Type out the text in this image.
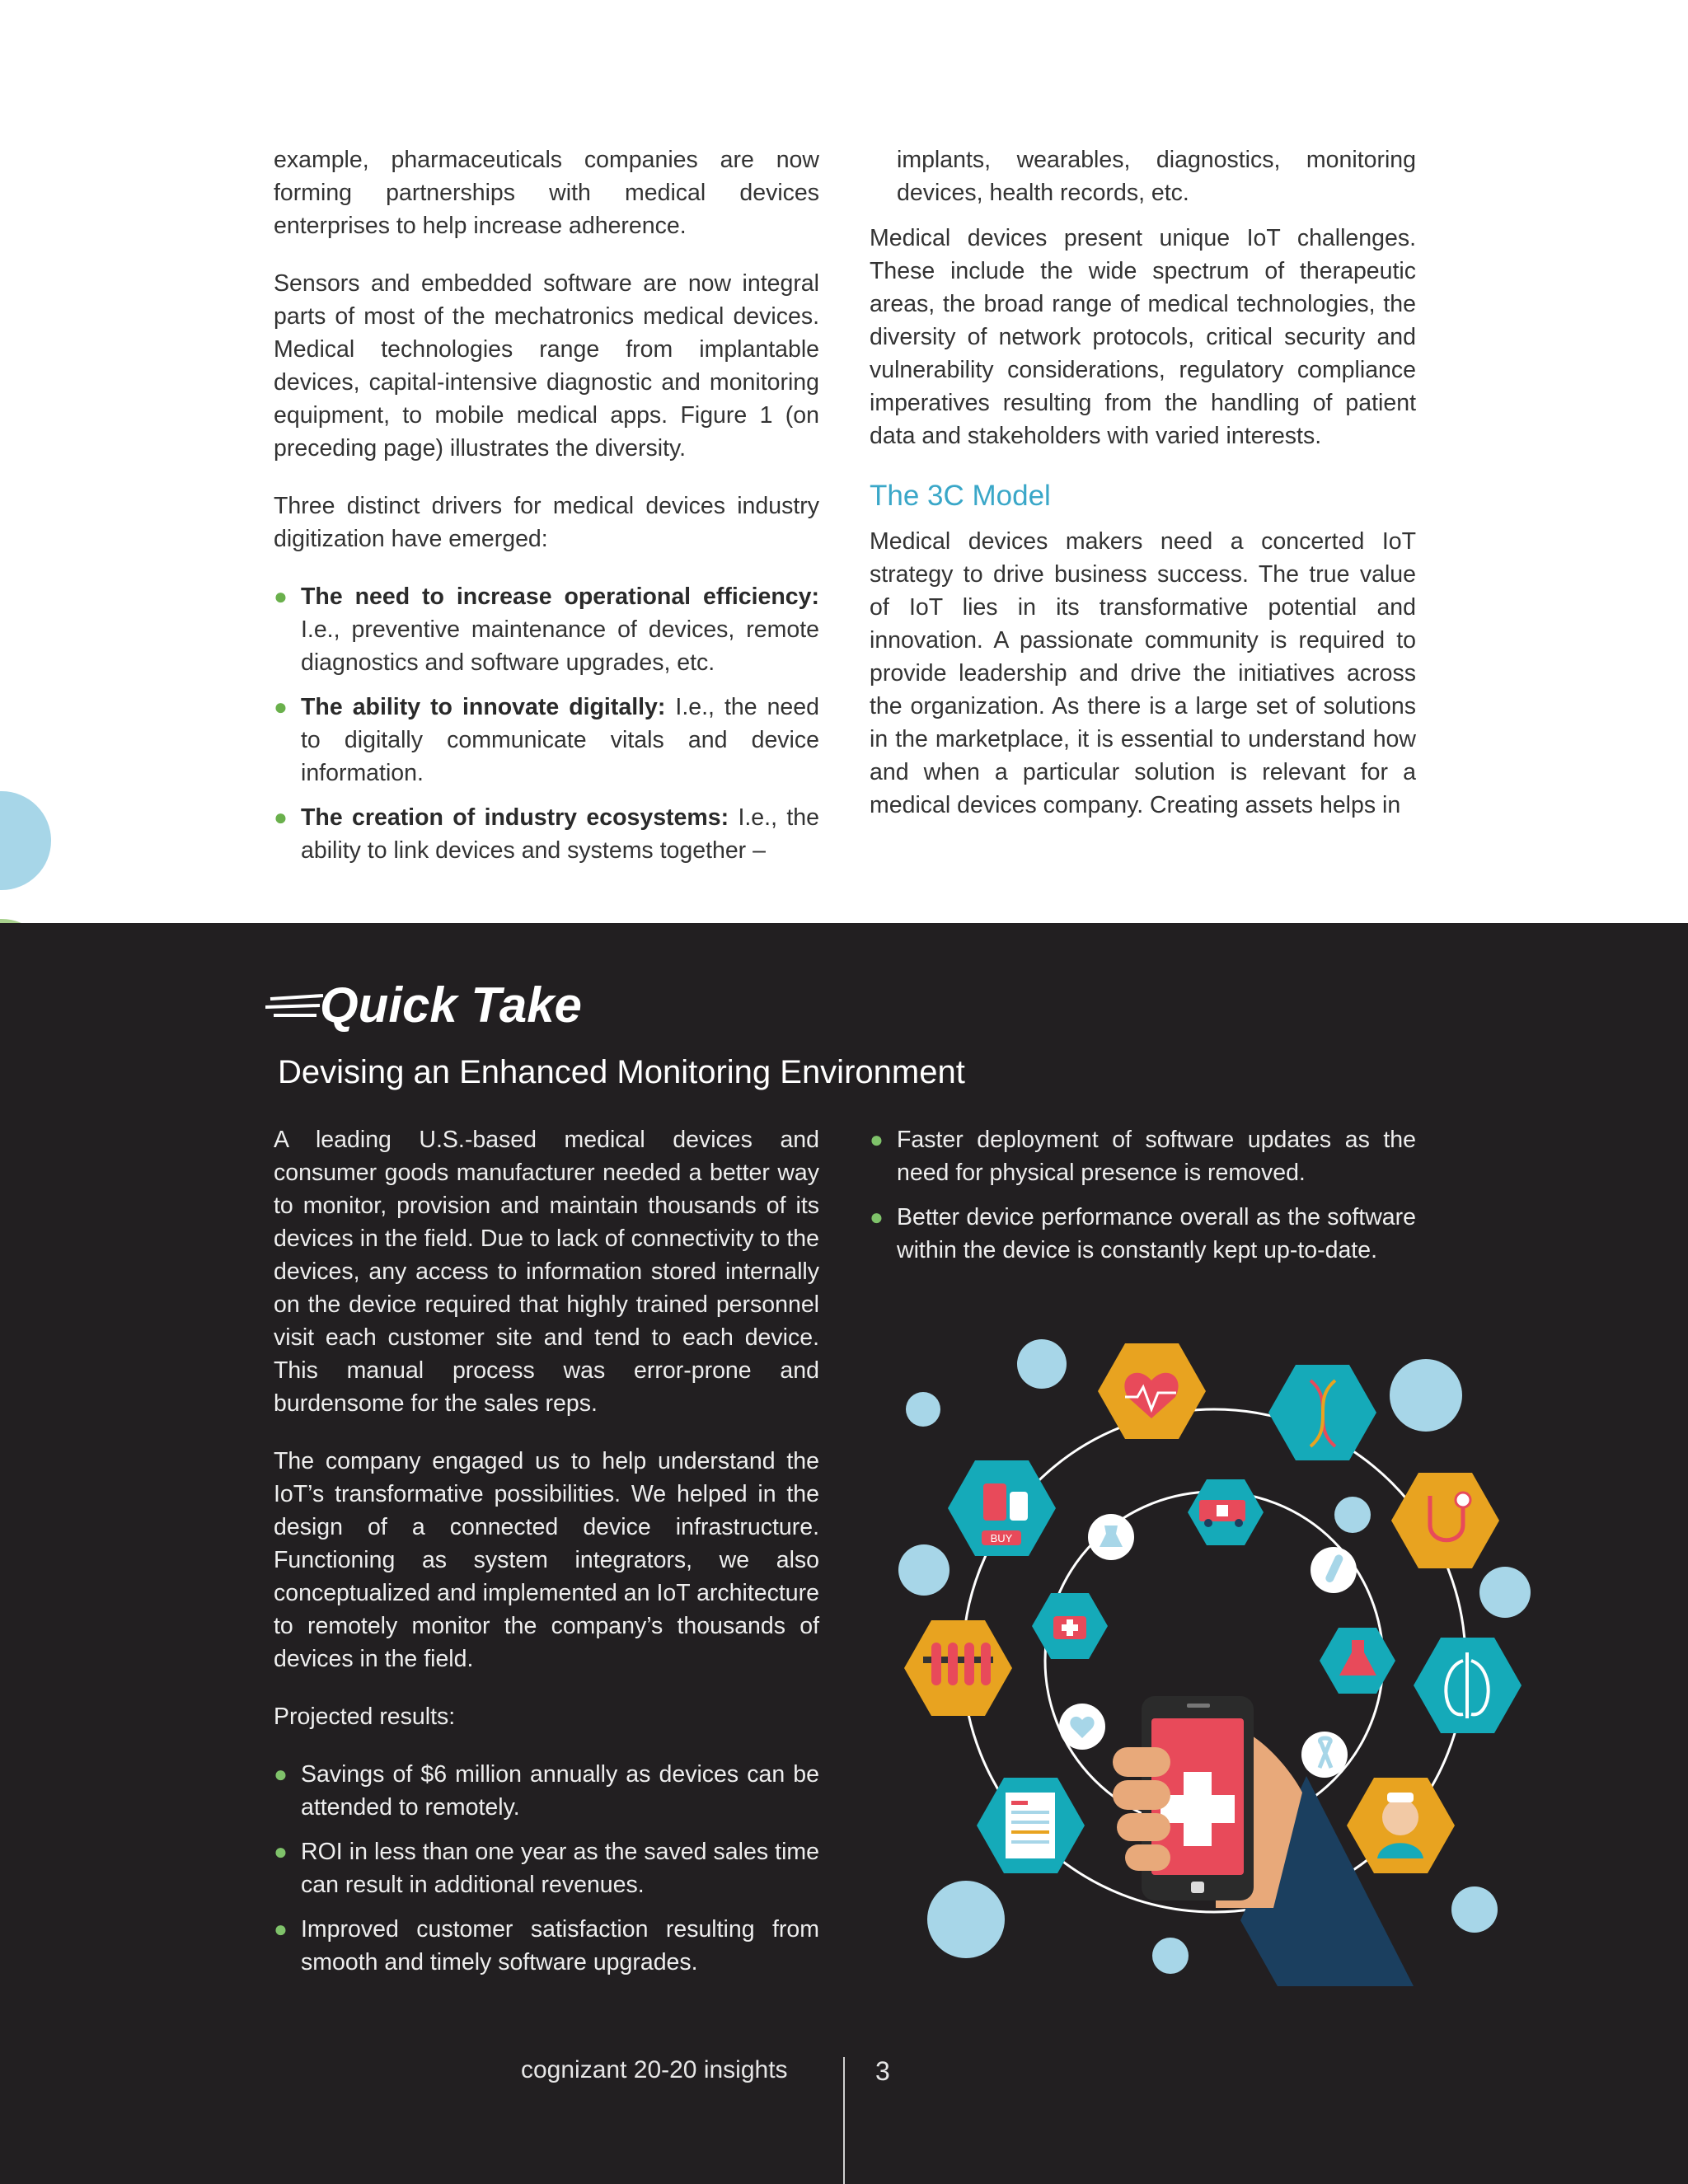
example, pharmaceuticals companies are now forming partnerships with medical devices enterprises to help increase adherence.

Sensors and embedded software are now integral parts of most of the mechatronics medical devices. Medical technologies range from implantable devices, capital-intensive diagnostic and monitoring equipment, to mobile medical apps. Figure 1 (on preceding page) illustrates the diversity.

Three distinct drivers for medical devices industry digitization have emerged:

● The need to increase operational efficiency: I.e., preventive maintenance of devices, remote diagnostics and software upgrades, etc.
● The ability to innovate digitally: I.e., the need to digitally communicate vitals and device information.
● The creation of industry ecosystems: I.e., the ability to link devices and systems together –

implants, wearables, diagnostics, monitoring devices, health records, etc.

Medical devices present unique IoT challenges. These include the wide spectrum of therapeutic areas, the broad range of medical technologies, the diversity of network protocols, critical security and vulnerability considerations, regulatory compliance imperatives resulting from the handling of patient data and stakeholders with varied interests.

The 3C Model

Medical devices makers need a concerted IoT strategy to drive business success. The true value of IoT lies in its transformative potential and innovation. A passionate community is required to provide leadership and drive the initiatives across the organization. As there is a large set of solutions in the marketplace, it is essential to understand how and when a particular solution is relevant for a medical devices company. Creating assets helps in

Quick Take
Devising an Enhanced Monitoring Environment

A leading U.S.-based medical devices and consumer goods manufacturer needed a better way to monitor, provision and maintain thousands of its devices in the field. Due to lack of connectivity to the devices, any access to information stored internally on the device required that highly trained personnel visit each customer site and tend to each device. This manual process was error-prone and burdensome for the sales reps.

The company engaged us to help understand the IoT’s transformative possibilities. We helped in the design of a connected device infrastructure. Functioning as system integrators, we also conceptualized and implemented an IoT architecture to remotely monitor the company’s thousands of devices in the field.

Projected results:

● Savings of $6 million annually as devices can be attended to remotely.
● ROI in less than one year as the saved sales time can result in additional revenues.
● Improved customer satisfaction resulting from smooth and timely software upgrades.
● Faster deployment of software updates as the need for physical presence is removed.
● Better device performance overall as the software within the device is constantly kept up-to-date.
BUY
cognizant 20-20 insights	3
